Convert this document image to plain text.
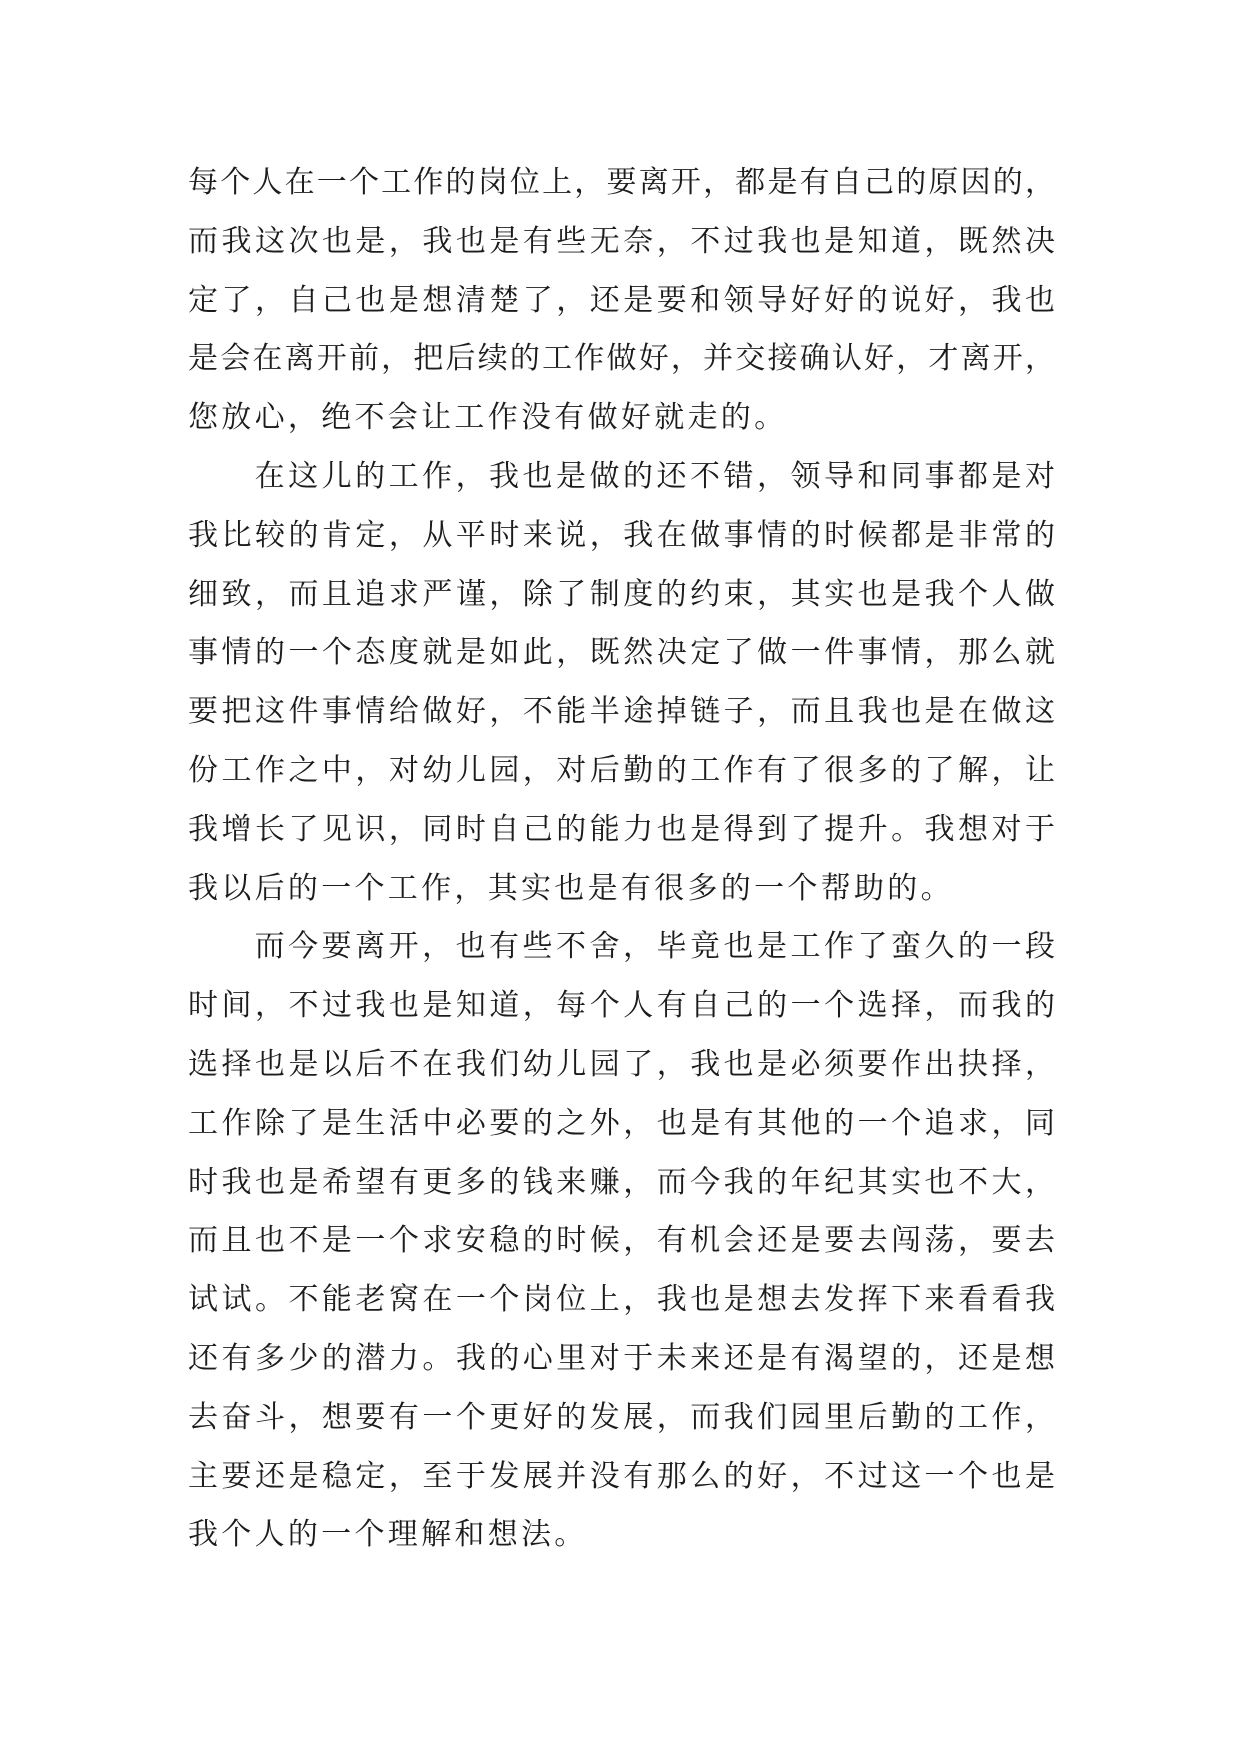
每个人在一个工作的岗位上，要离开，都是有自己的原因的，
而我这次也是，我也是有些无奈，不过我也是知道，既然决
定了，自己也是想清楚了，还是要和领导好好的说好，我也
是会在离开前，把后续的工作做好，并交接确认好，才离开，
您放心，绝不会让工作没有做好就走的。
在这儿的工作，我也是做的还不错，领导和同事都是对
我比较的肯定，从平时来说，我在做事情的时候都是非常的
细致，而且追求严谨，除了制度的约束，其实也是我个人做
事情的一个态度就是如此，既然决定了做一件事情，那么就
要把这件事情给做好，不能半途掉链子，而且我也是在做这
份工作之中，对幼儿园，对后勤的工作有了很多的了解，让
我增长了见识，同时自己的能力也是得到了提升。我想对于
我以后的一个工作，其实也是有很多的一个帮助的。
而今要离开，也有些不舍，毕竟也是工作了蛮久的一段
时间，不过我也是知道，每个人有自己的一个选择，而我的
选择也是以后不在我们幼儿园了，我也是必须要作出抉择，
工作除了是生活中必要的之外，也是有其他的一个追求，同
时我也是希望有更多的钱来赚，而今我的年纪其实也不大，
而且也不是一个求安稳的时候，有机会还是要去闯荡，要去
试试。不能老窝在一个岗位上，我也是想去发挥下来看看我
还有多少的潜力。我的心里对于未来还是有渴望的，还是想
去奋斗，想要有一个更好的发展，而我们园里后勤的工作，
主要还是稳定，至于发展并没有那么的好，不过这一个也是
我个人的一个理解和想法。
